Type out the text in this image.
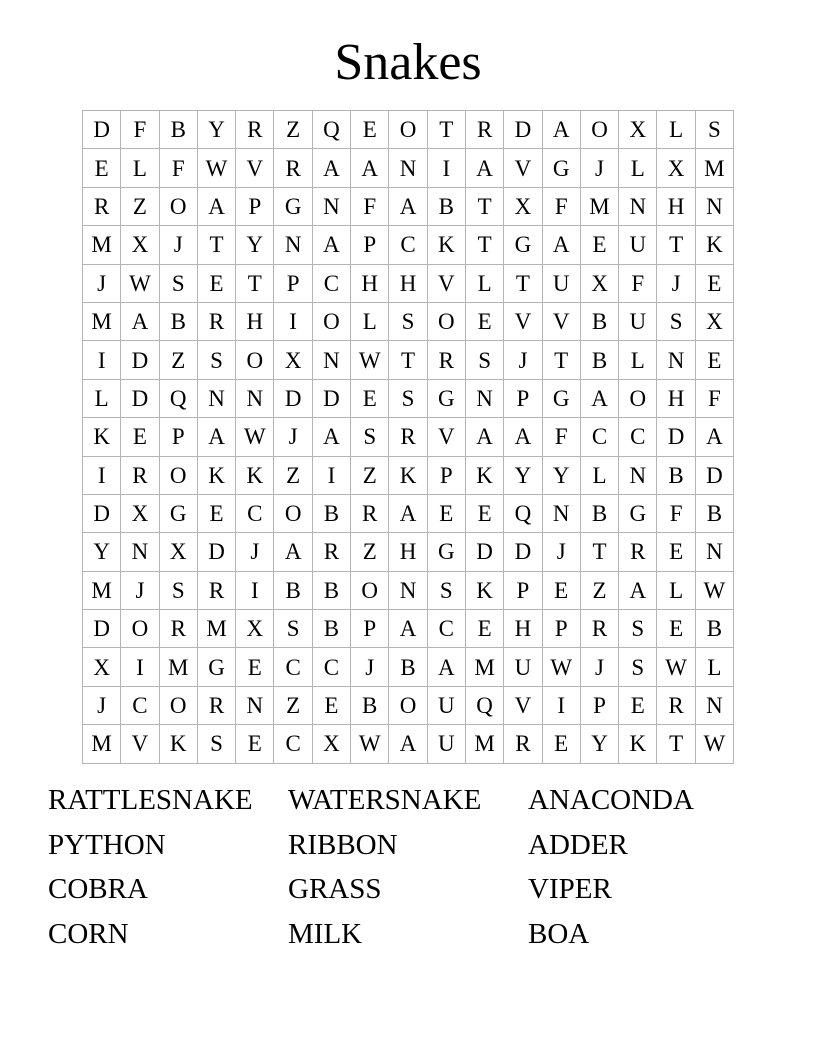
Snakes
D	F	B	Y	R	Z	Q	E	O	T	R	D	A	O	X	L	S
E	L	F	W	V	R	A	A	N	I	A	V	G	J	L	X	M
R	Z	O	A	P	G	N	F	A	B	T	X	F	M	N	H	N
M	X	J	T	Y	N	A	P	C	K	T	G	A	E	U	T	K
J	W	S	E	T	P	C	H	H	V	L	T	U	X	F	J	E
M	A	B	R	H	I	O	L	S	O	E	V	V	B	U	S	X
I	D	Z	S	O	X	N	W	T	R	S	J	T	B	L	N	E
L	D	Q	N	N	D	D	E	S	G	N	P	G	A	O	H	F
K	E	P	A	W	J	A	S	R	V	A	A	F	C	C	D	A
I	R	O	K	K	Z	I	Z	K	P	K	Y	Y	L	N	B	D
D	X	G	E	C	O	B	R	A	E	E	Q	N	B	G	F	B
Y	N	X	D	J	A	R	Z	H	G	D	D	J	T	R	E	N
M	J	S	R	I	B	B	O	N	S	K	P	E	Z	A	L	W
D	O	R	M	X	S	B	P	A	C	E	H	P	R	S	E	B
X	I	M	G	E	C	C	J	B	A	M	U	W	J	S	W	L
J	C	O	R	N	Z	E	B	O	U	Q	V	I	P	E	R	N
M	V	K	S	E	C	X	W	A	U	M	R	E	Y	K	T	W
RATTLESNAKE	WATERSNAKE	ANACONDA
PYTHON	RIBBON	ADDER
COBRA	GRASS	VIPER
CORN	MILK	BOA
